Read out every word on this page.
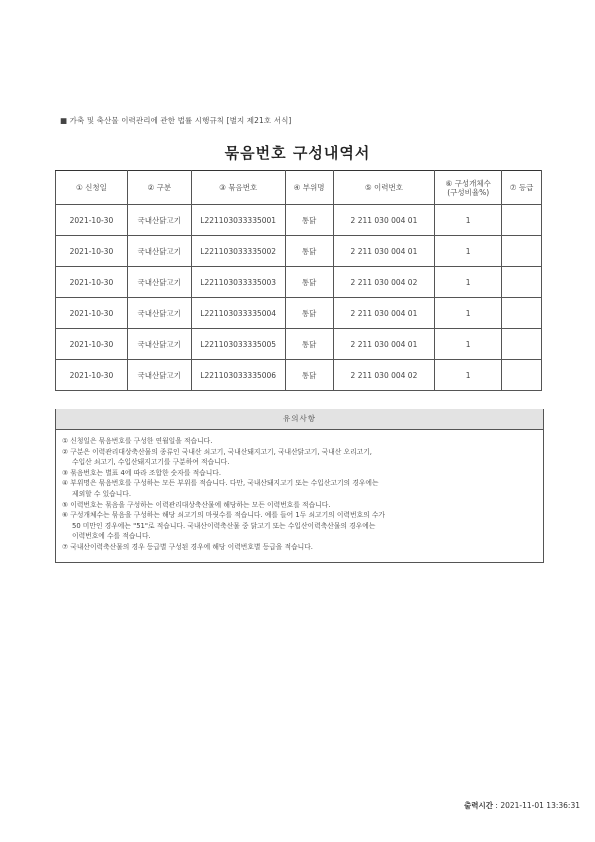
■ 가축 및 축산물 이력관리에 관한 법률 시행규칙 [별지 제21호 서식]
묶음번호 구성내역서
① 신청일	② 구분	③ 묶음번호	④ 부위명	⑤ 이력번호	⑥ 구성개체수
(구성비율%)	⑦ 등급
2021-10-30	국내산닭고기	L221103033335001	통닭	2 211 030 004 01	1	
2021-10-30	국내산닭고기	L221103033335002	통닭	2 211 030 004 01	1	
2021-10-30	국내산닭고기	L221103033335003	통닭	2 211 030 004 02	1	
2021-10-30	국내산닭고기	L221103033335004	통닭	2 211 030 004 01	1	
2021-10-30	국내산닭고기	L221103033335005	통닭	2 211 030 004 01	1	
2021-10-30	국내산닭고기	L221103033335006	통닭	2 211 030 004 02	1	
유의사항
① 신청일은 묶음번호를 구성한 연월일을 적습니다.
② 구분은 이력관리대상축산물의 종류인 국내산 쇠고기, 국내산돼지고기, 국내산닭고기, 국내산 오리고기,
수입산 쇠고기, 수입산돼지고기를 구분하여 적습니다.
③ 묶음번호는 별표 4에 따라 조합한 숫자를 적습니다.
④ 부위명은 묶음번호를 구성하는 모든 부위를 적습니다. 다만, 국내산돼지고기 또는 수입산고기의 경우에는
제외할 수 있습니다.
⑤ 이력번호는 묶음을 구성하는 이력관리대상축산물에 해당하는 모든 이력번호를 적습니다.
⑥ 구성개체수는 묶음을 구성하는 해당 쇠고기의 마릿수를 적습니다. 예를 들어 1두 쇠고기의 이력번호의 수가
50 미만인 경우에는 "51"로 적습니다. 국내산이력축산물 중 닭고기 또는 수입산이력축산물의 경우에는
이력번호에 수를 적습니다.
⑦ 국내산이력축산물의 경우 등급별 구성된 경우에 해당 이력번호별 등급을 적습니다.
출력시간 : 2021-11-01 13:36:31
